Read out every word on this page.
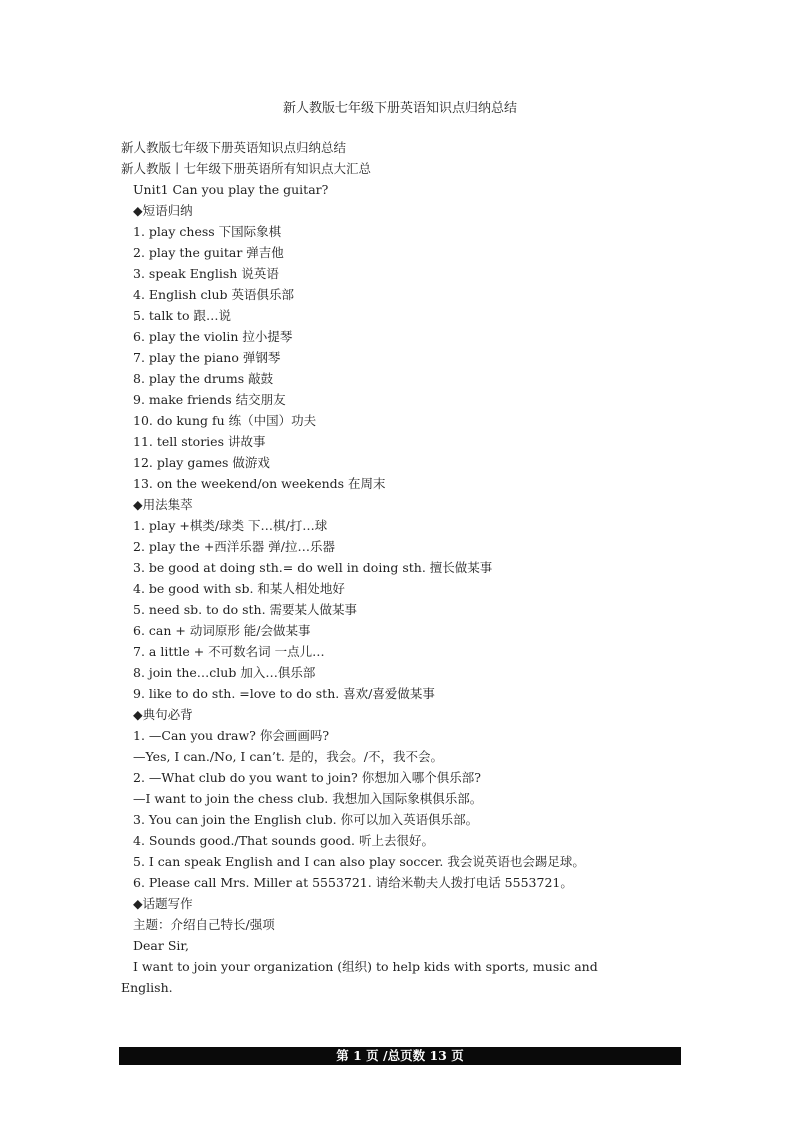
新人教版七年级下册英语知识点归纳总结
新人教版七年级下册英语知识点归纳总结
新人教版丨七年级下册英语所有知识点大汇总
Unit1 Can you play the guitar?
◆短语归纳
1. play chess 下国际象棋
2. play the guitar 弹吉他
3. speak English 说英语
4. English club 英语俱乐部
5. talk to 跟…说
6. play the violin 拉小提琴
7. play the piano 弹钢琴
8. play the drums 敲鼓
9. make friends 结交朋友
10. do kung fu 练（中国）功夫
11. tell stories 讲故事
12. play games 做游戏
13. on the weekend/on weekends 在周末
◆用法集萃
1. play +棋类/球类 下…棋/打…球
2. play the +西洋乐器 弹/拉…乐器
3. be good at doing sth.= do well in doing sth. 擅长做某事
4. be good with sb. 和某人相处地好
5. need sb. to do sth. 需要某人做某事
6. can + 动词原形 能/会做某事
7. a little + 不可数名词 一点儿…
8. join the…club 加入…俱乐部
9. like to do sth. =love to do sth. 喜欢/喜爱做某事
◆典句必背
1. —Can you draw? 你会画画吗?
—Yes, I can./No, I can’t. 是的，我会。/不，我不会。
2. —What club do you want to join? 你想加入哪个俱乐部?
—I want to join the chess club. 我想加入国际象棋俱乐部。
3. You can join the English club. 你可以加入英语俱乐部。
4. Sounds good./That sounds good. 听上去很好。
5. I can speak English and I can also play soccer. 我会说英语也会踢足球。
6. Please call Mrs. Miller at 5553721. 请给米勒夫人拨打电话 5553721。
◆话题写作
主题：介绍自己特长/强项
Dear Sir,
I want to join your organization (组织) to help kids with sports, music and
English.
第 1 页 /总页数 13 页
